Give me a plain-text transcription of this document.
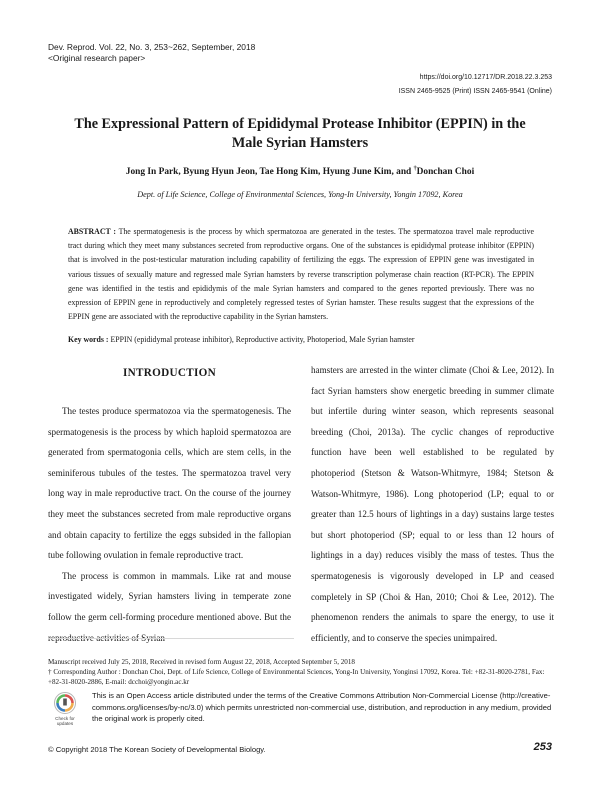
Dev. Reprod. Vol. 22, No. 3, 253~262, September, 2018
<Original research paper>
https://doi.org/10.12717/DR.2018.22.3.253
ISSN 2465-9525 (Print) ISSN 2465-9541 (Online)
The Expressional Pattern of Epididymal Protease Inhibitor (EPPIN) in the
Male Syrian Hamsters
Jong In Park, Byung Hyun Jeon, Tae Hong Kim, Hyung June Kim, and †Donchan Choi
Dept. of Life Science, College of Environmental Sciences, Yong-In University, Yongin 17092, Korea
ABSTRACT : The spermatogenesis is the process by which spermatozoa are generated in the testes. The spermatozoa travel male reproductive tract during which they meet many substances secreted from reproductive organs. One of the substances is epididymal protease inhibitor (EPPIN) that is involved in the post-testicular maturation including capability of fertilizing the eggs. The expression of EPPIN gene was investigated in various tissues of sexually mature and regressed male Syrian hamsters by reverse transcription polymerase chain reaction (RT-PCR). The EPPIN gene was identified in the testis and epididymis of the male Syrian hamsters and compared to the genes reported previously. There was no expression of EPPIN gene in reproductively and completely regressed testes of Syrian hamster. These results suggest that the expressions of the EPPIN gene are associated with the reproductive capability in the Syrian hamsters.
Key words : EPPIN (epididymal protease inhibitor), Reproductive activity, Photoperiod, Male Syrian hamster
INTRODUCTION

The testes produce spermatozoa via the spermatogenesis. The spermatogenesis is the process by which haploid spermatozoa are generated from spermatogonia cells, which are stem cells, in the seminiferous tubules of the testes. The spermatozoa travel very long way in male reproductive tract. On the course of the journey they meet the substances secreted from male reproductive organs and obtain capacity to fertilize the eggs subsided in the fallopian tube following ovulation in female reproductive tract.

The process is common in mammals. Like rat and mouse investigated widely, Syrian hamsters living in temperate zone follow the germ cell-forming procedure mentioned above. But the reproductive activities of Syrian

hamsters are arrested in the winter climate (Choi & Lee, 2012). In fact Syrian hamsters show energetic breeding in summer climate but infertile during winter season, which represents seasonal breeding (Choi, 2013a). The cyclic changes of reproductive function have been well established to be regulated by photoperiod (Stetson & Watson-Whitmyre, 1984; Stetson & Watson-Whitmyre, 1986). Long photoperiod (LP; equal to or greater than 12.5 hours of lightings in a day) sustains large testes but short photoperiod (SP; equal to or less than 12 hours of lightings in a day) reduces visibly the mass of testes. Thus the spermatogenesis is vigorously developed in LP and ceased completely in SP (Choi & Han, 2010; Choi & Lee, 2012). The phenomenon renders the animals to spare the energy, to use it efficiently, and to conserve the species unimpaired.

Manuscript received July 25, 2018, Received in revised form August 22, 2018, Accepted September 5, 2018

† Corresponding Author : Donchan Choi, Dept. of Life Science, College of Environmental Sciences, Yong-In University, Yonginsi 17092, Korea. Tel: +82-31-8020-2781, Fax: +82-31-8020-2886, E-mail: dcchoi@yongin.ac.kr

Check for updates
This is an Open Access article distributed under the terms of the Creative Commons Attribution Non-Commercial License (http://creative-commons.org/licenses/by-nc/3.0) which permits unrestricted non-commercial use, distribution, and reproduction in any medium, provided the original work is properly cited.
© Copyright 2018 The Korean Society of Developmental Biology.	253
